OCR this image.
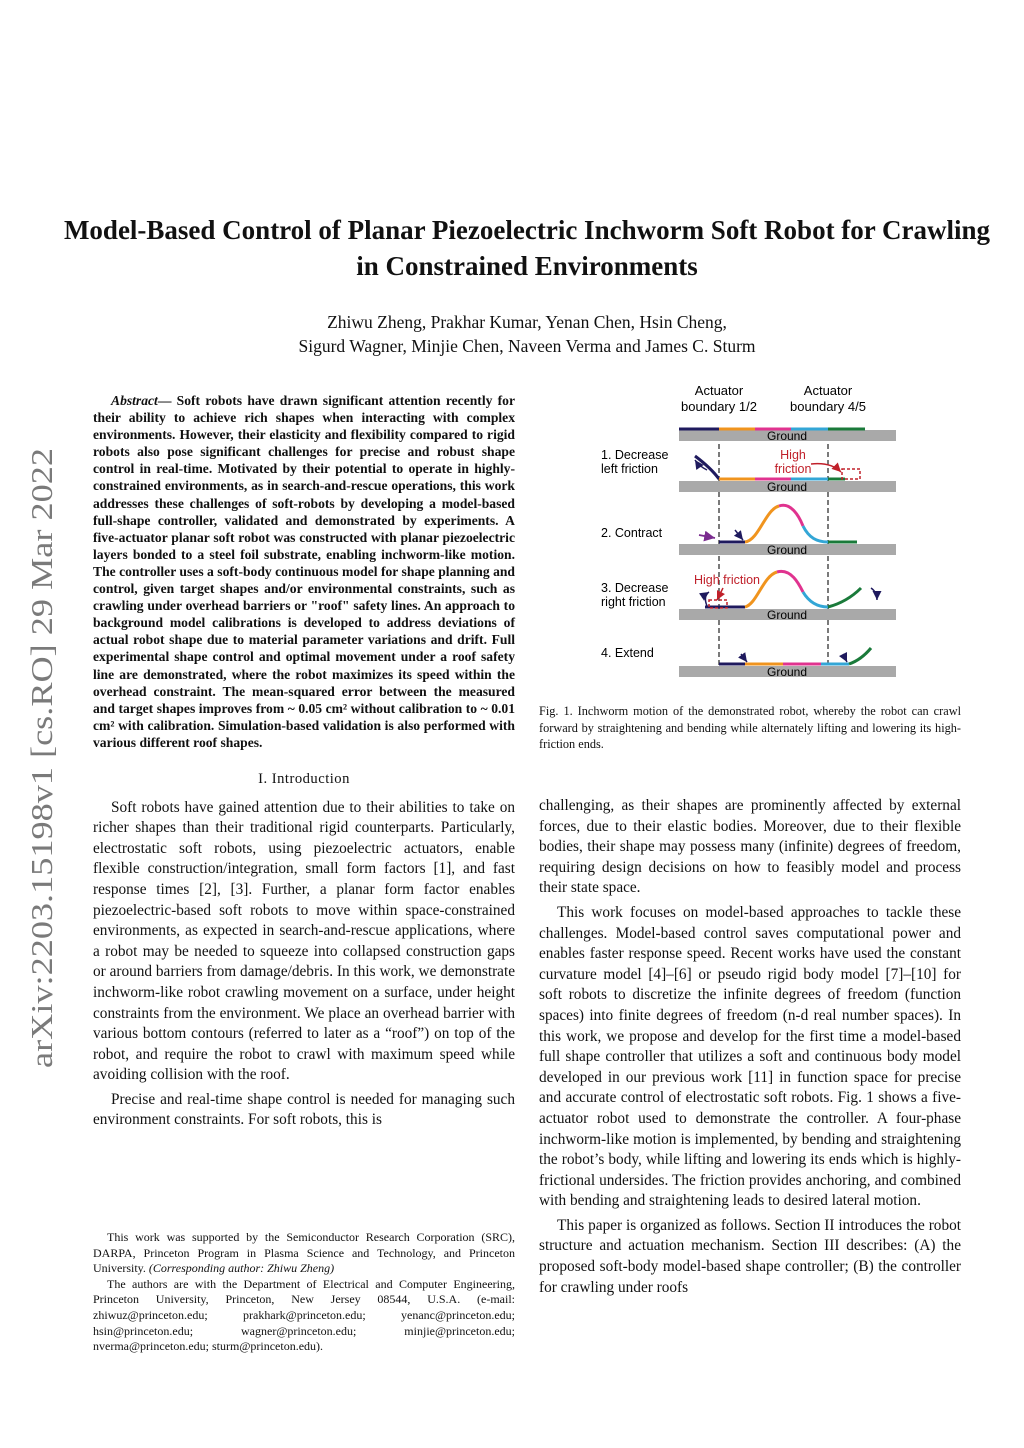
arXiv:2203.15198v1 [cs.RO] 29 Mar 2022
Model-Based Control of Planar Piezoelectric Inchworm Soft Robot for Crawling in Constrained Environments
Zhiwu Zheng, Prakhar Kumar, Yenan Chen, Hsin Cheng,
Sigurd Wagner, Minjie Chen, Naveen Verma and James C. Sturm

Abstract— Soft robots have drawn significant attention recently for their ability to achieve rich shapes when interacting with complex environments. However, their elasticity and flexibility compared to rigid robots also pose significant challenges for precise and robust shape control in real-time. Motivated by their potential to operate in highly-constrained environments, as in search-and-rescue operations, this work addresses these challenges of soft-robots by developing a model-based full-shape controller, validated and demonstrated by experiments. A five-actuator planar soft robot was constructed with planar piezoelectric layers bonded to a steel foil substrate, enabling inchworm-like motion. The controller uses a soft-body continuous model for shape planning and control, given target shapes and/or environmental constraints, such as crawling under overhead barriers or "roof" safety lines. An approach to background model calibrations is developed to address deviations of actual robot shape due to material parameter variations and drift. Full experimental shape control and optimal movement under a roof safety line are demonstrated, where the robot maximizes its speed within the overhead constraint. The mean-squared error between the measured and target shapes improves from ~ 0.05 cm² without calibration to ~ 0.01 cm² with calibration. Simulation-based validation is also performed with various different roof shapes.

I. Introduction

Soft robots have gained attention due to their abilities to take on richer shapes than their traditional rigid counterparts. Particularly, electrostatic soft robots, using piezoelectric actuators, enable flexible construction/integration, small form factors [1], and fast response times [2], [3]. Further, a planar form factor enables piezoelectric-based soft robots to move within space-constrained environments, as expected in search-and-rescue applications, where a robot may be needed to squeeze into collapsed construction gaps or around barriers from damage/debris. In this work, we demonstrate inchworm-like robot crawling movement on a surface, under height constraints from the environment. We place an overhead barrier with various bottom contours (referred to later as a “roof”) on top of the robot, and require the robot to crawl with maximum speed while avoiding collision with the roof.

Precise and real-time shape control is needed for managing such environment constraints. For soft robots, this is

This work was supported by the Semiconductor Research Corporation (SRC), DARPA, Princeton Program in Plasma Science and Technology, and Princeton University. (Corresponding author: Zhiwu Zheng)

The authors are with the Department of Electrical and Computer Engineering, Princeton University, Princeton, New Jersey 08544, U.S.A. (e-mail: zhiwuz@princeton.edu; prakhark@princeton.edu; yenanc@princeton.edu; hsin@princeton.edu; wagner@princeton.edu; minjie@princeton.edu; nverma@princeton.edu; sturm@princeton.edu).

Actuator
boundary 1/2
Actuator
boundary 4/5
Ground
1. Decrease
left friction
High
friction
Ground
2. Contract
Ground
3. Decrease
right friction
High friction
Ground
4. Extend
Ground
Fig. 1. Inchworm motion of the demonstrated robot, whereby the robot can crawl forward by straightening and bending while alternately lifting and lowering its high-friction ends.

challenging, as their shapes are prominently affected by external forces, due to their elastic bodies. Moreover, due to their flexible bodies, their shape may possess many (infinite) degrees of freedom, requiring design decisions on how to feasibly model and process their state space.

This work focuses on model-based approaches to tackle these challenges. Model-based control saves computational power and enables faster response speed. Recent works have used the constant curvature model [4]–[6] or pseudo rigid body model [7]–[10] for soft robots to discretize the infinite degrees of freedom (function spaces) into finite degrees of freedom (n-d real number spaces). In this work, we propose and develop for the first time a model-based full shape controller that utilizes a soft and continuous body model developed in our previous work [11] in function space for precise and accurate control of electrostatic soft robots. Fig. 1 shows a five-actuator robot used to demonstrate the controller. A four-phase inchworm-like motion is implemented, by bending and straightening the robot’s body, while lifting and lowering its ends which is highly-frictional undersides. The friction provides anchoring, and combined with bending and straightening leads to desired lateral motion.

This paper is organized as follows. Section II introduces the robot structure and actuation mechanism. Section III describes: (A) the proposed soft-body model-based shape controller; (B) the controller for crawling under roofs
